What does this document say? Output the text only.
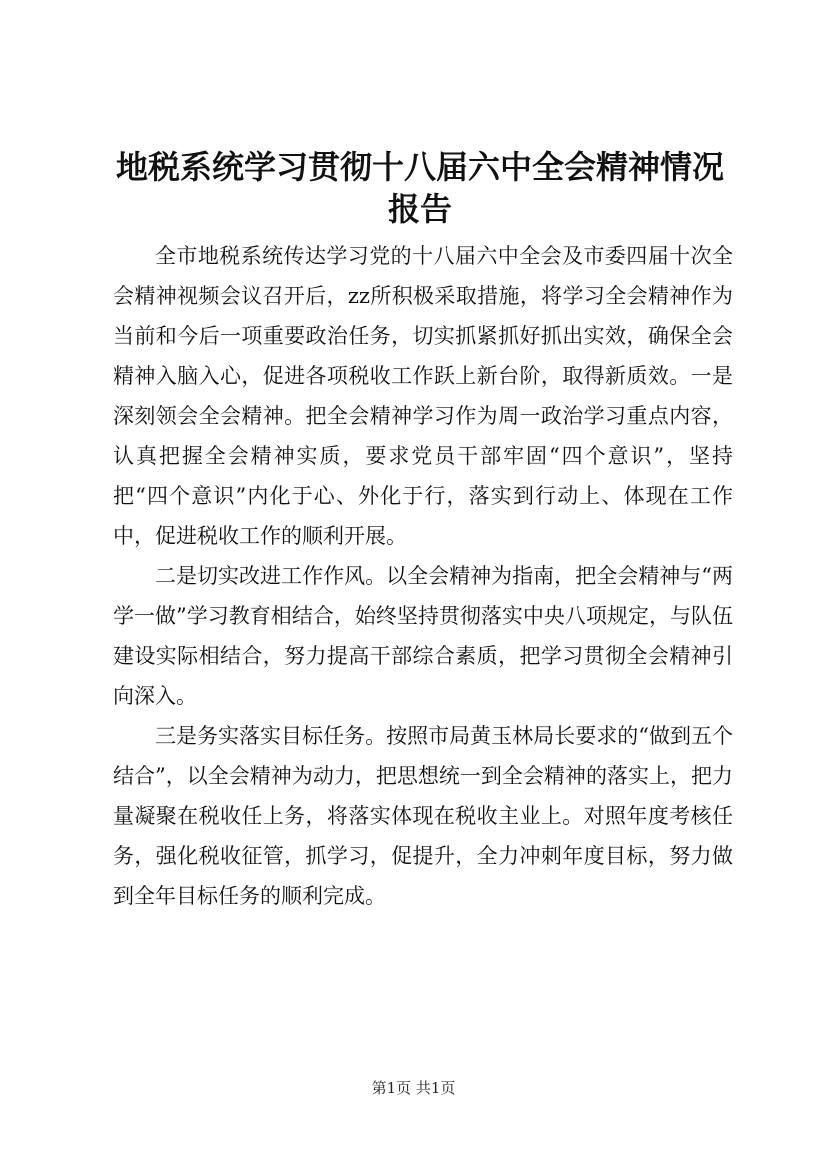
地税系统学习贯彻十八届六中全会精神情况报告

全市地税系统传达学习党的十八届六中全会及市委四届十次全会精神视频会议召开后，zz所积极采取措施，将学习全会精神作为当前和今后一项重要政治任务，切实抓紧抓好抓出实效，确保全会精神入脑入心，促进各项税收工作跃上新台阶，取得新质效。一是深刻领会全会精神。把全会精神学习作为周一政治学习重点内容，认真把握全会精神实质，要求党员干部牢固“四个意识”，坚持把“四个意识”内化于心、外化于行，落实到行动上、体现在工作中，促进税收工作的顺利开展。

二是切实改进工作作风。以全会精神为指南，把全会精神与“两学一做”学习教育相结合，始终坚持贯彻落实中央八项规定，与队伍建设实际相结合，努力提高干部综合素质，把学习贯彻全会精神引向深入。

三是务实落实目标任务。按照市局黄玉林局长要求的“做到五个结合”，以全会精神为动力，把思想统一到全会精神的落实上，把力量凝聚在税收任上务，将落实体现在税收主业上。对照年度考核任务，强化税收征管，抓学习，促提升，全力冲刺年度目标，努力做到全年目标任务的顺利完成。

第1页 共1页
